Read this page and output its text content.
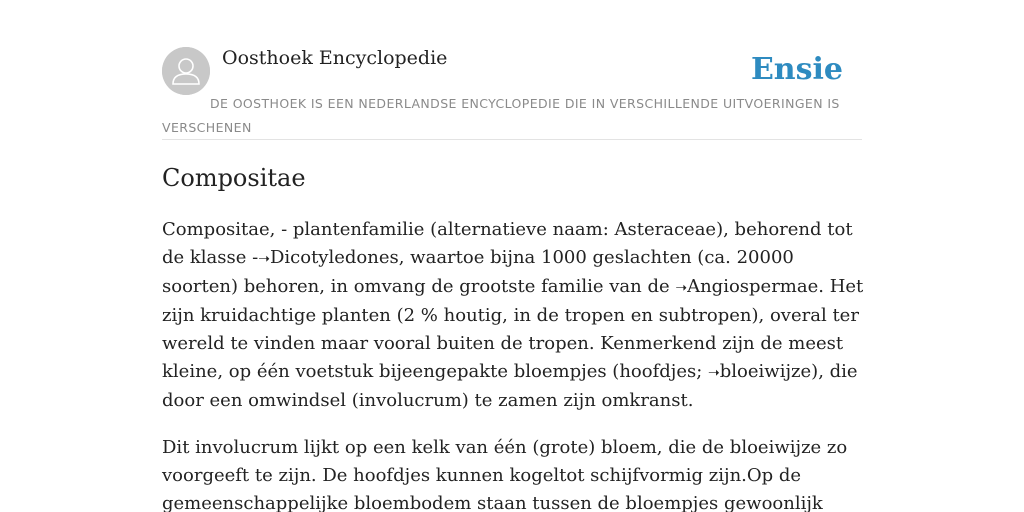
Oosthoek Encyclopedie	Ensie
DE OOSTHOEK IS EEN NEDERLANDSE ENCYCLOPEDIE DIE IN VERSCHILLENDE UITVOERINGEN IS VERSCHENEN
Compositae

Compositae, - plantenfamilie (alternatieve naam: Asteraceae), behorend tot de klasse -➝Dicotyledones, waartoe bijna 1000 geslachten (ca. 20000 soorten) behoren, in omvang de grootste familie van de ➝Angiospermae. Het zijn kruidachtige planten (2 % houtig, in de tropen en subtropen), overal ter wereld te vinden maar vooral buiten de tropen. Kenmerkend zijn de meest kleine, op één voetstuk bijeengepakte bloempjes (hoofdjes; ➝bloeiwijze), die door een omwindsel (involucrum) te zamen zijn omkranst.

Dit involucrum lijkt op een kelk van één (grote) bloem, die de bloeiwijze zo voorgeeft te zijn. De hoofdjes kunnen kogeltot schijfvormig zijn.Op de gemeenschappelijke bloembodem staan tussen de bloempjes gewoonlijk
